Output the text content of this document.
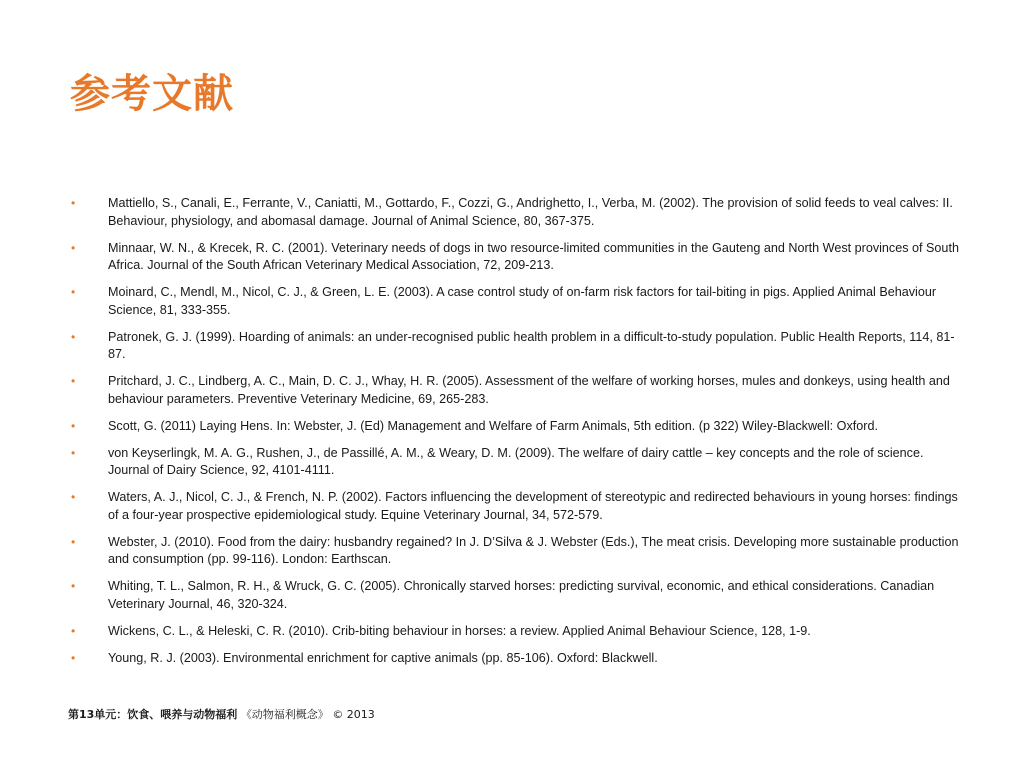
参考文献
•	Mattiello, S., Canali, E., Ferrante, V., Caniatti, M., Gottardo, F., Cozzi, G., Andrighetto, I., Verba, M. (2002). The provision of solid feeds to veal calves: II. Behaviour, physiology, and abomasal damage. Journal of Animal Science, 80, 367-375.
•	Minnaar, W. N., & Krecek, R. C. (2001). Veterinary needs of dogs in two resource-limited communities in the Gauteng and North West provinces of South Africa. Journal of the South African Veterinary Medical Association, 72, 209-213.
•	Moinard, C., Mendl, M., Nicol, C. J., & Green, L. E. (2003). A case control study of on-farm risk factors for tail-biting in pigs. Applied Animal Behaviour Science, 81, 333-355.
•	Patronek, G. J. (1999). Hoarding of animals: an under-recognised public health problem in a difficult-to-study population. Public Health Reports, 114, 81-87.
•	Pritchard, J. C., Lindberg, A. C., Main, D. C. J., Whay, H. R. (2005). Assessment of the welfare of working horses, mules and donkeys, using health and behaviour parameters. Preventive Veterinary Medicine, 69, 265-283.
•	Scott, G. (2011) Laying Hens. In: Webster, J. (Ed) Management and Welfare of Farm Animals, 5th edition. (p 322) Wiley-Blackwell: Oxford.
•	von Keyserlingk, M. A. G., Rushen, J., de Passillé, A. M., & Weary, D. M. (2009). The welfare of dairy cattle – key concepts and the role of science. Journal of Dairy Science, 92, 4101-4111.
•	Waters, A. J., Nicol, C. J., & French, N. P. (2002). Factors influencing the development of stereotypic and redirected behaviours in young horses: findings of a four-year prospective epidemiological study. Equine Veterinary Journal, 34, 572-579.
•	Webster, J. (2010). Food from the dairy: husbandry regained? In J. D’Silva & J. Webster (Eds.), The meat crisis. Developing more sustainable production and consumption (pp. 99-116). London: Earthscan.
•	Whiting, T. L., Salmon, R. H., & Wruck, G. C. (2005). Chronically starved horses: predicting survival, economic, and ethical considerations. Canadian Veterinary Journal, 46, 320-324.
•	Wickens, C. L., & Heleski, C. R. (2010). Crib-biting behaviour in horses: a review. Applied Animal Behaviour Science, 128, 1-9.
•	Young, R. J. (2003). Environmental enrichment for captive animals (pp. 85-106). Oxford: Blackwell.
第13单元：饮食、喂养与动物福利 《动物福利概念》 © 2013
